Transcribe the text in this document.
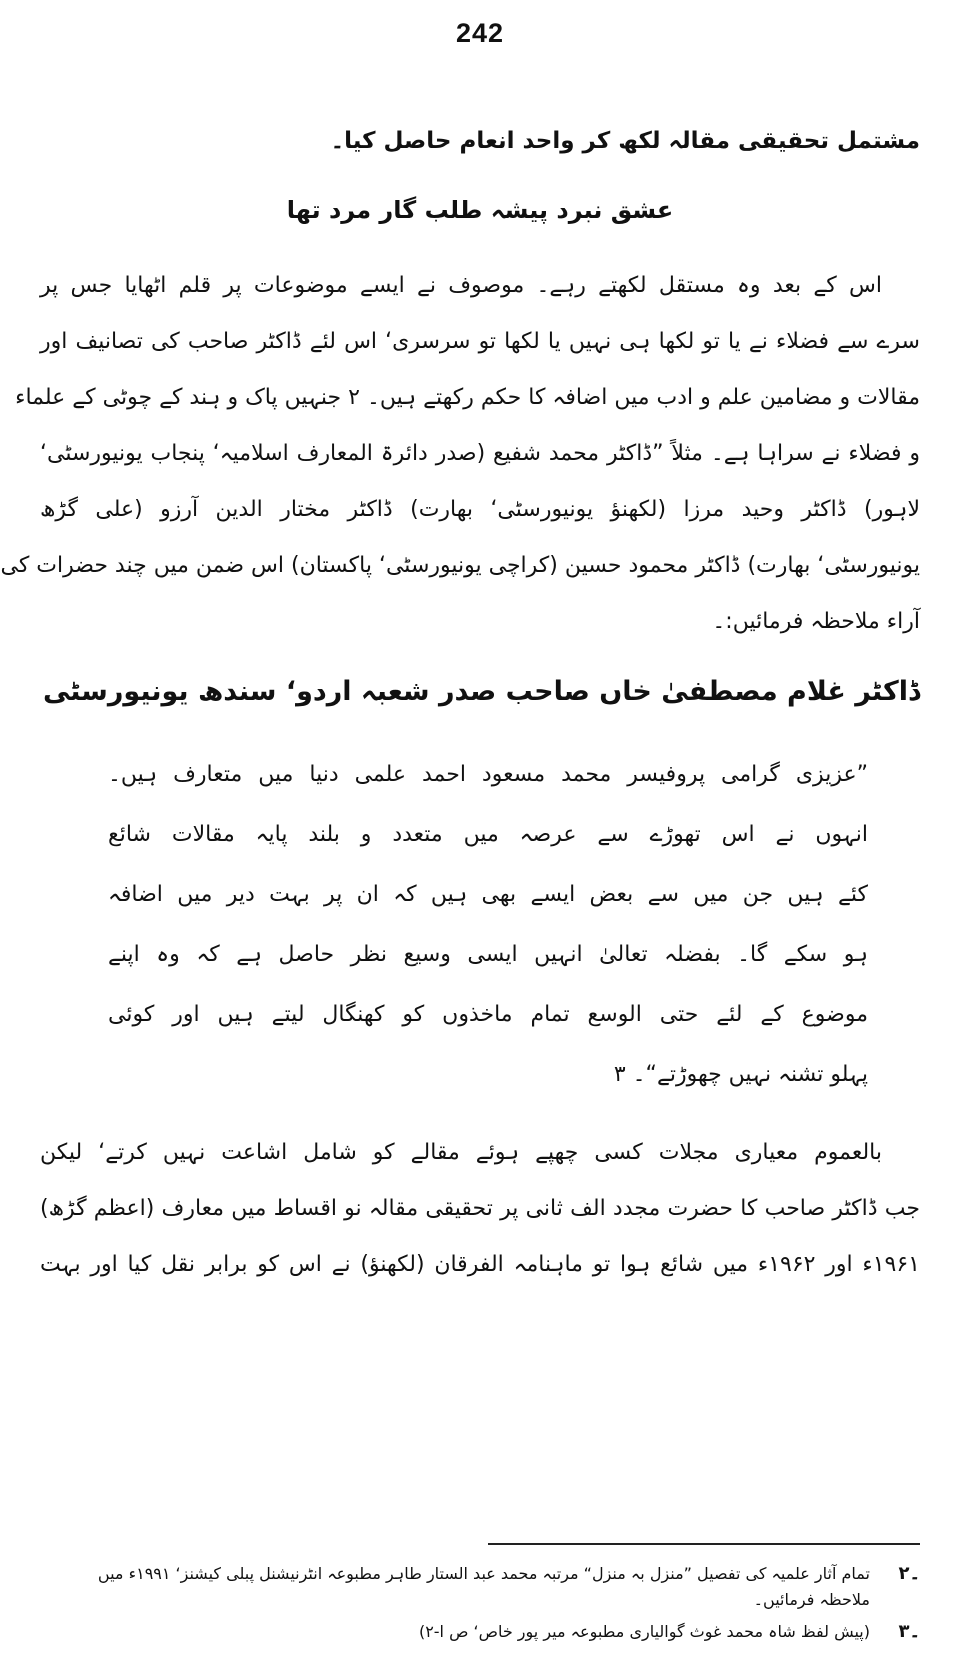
242
مشتمل تحقیقی مقالہ لکھ کر واحد انعام حاصل کیا۔
عشق نبرد پیشہ طلب گار مرد تھا
اس کے بعد وہ مستقل لکھتے رہے۔ موصوف نے ایسے موضوعات پر قلم اٹھایا جس پر
سرے سے فضلاء نے یا تو لکھا ہی نہیں یا لکھا تو سرسری‘ اس لئے ڈاکٹر صاحب کی تصانیف اور
مقالات و مضامین علم و ادب میں اضافہ کا حکم رکھتے ہیں۔ ۲ جنہیں پاک و ہند کے چوٹی کے علماء
و فضلاء نے سراہا ہے۔ مثلاً ”ڈاکٹر محمد شفیع (صدر دائرۃ المعارف اسلامیہ‘ پنجاب یونیورسٹی‘
لاہور) ڈاکٹر وحید مرزا (لکھنؤ یونیورسٹی‘ بھارت) ڈاکٹر مختار الدین آرزو (علی گڑھ
یونیورسٹی‘ بھارت) ڈاکٹر محمود حسین (کراچی یونیورسٹی‘ پاکستان) اس ضمن میں چند حضرات کی
آراء ملاحظہ فرمائیں:۔
ڈاکٹر غلام مصطفیٰ خاں صاحب صدر شعبہ اردو‘ سندھ یونیورسٹی
”عزیزی گرامی پروفیسر محمد مسعود احمد علمی دنیا میں متعارف ہیں۔
انہوں نے اس تھوڑے سے عرصہ میں متعدد و بلند پایہ مقالات شائع
کئے ہیں جن میں سے بعض ایسے بھی ہیں کہ ان پر بہت دیر میں اضافہ
ہو سکے گا۔ بفضلہ تعالیٰ انہیں ایسی وسیع نظر حاصل ہے کہ وہ اپنے
موضوع کے لئے حتی الوسع تمام ماخذوں کو کھنگال لیتے ہیں اور کوئی
پہلو تشنہ نہیں چھوڑتے“۔ ۳
بالعموم معیاری مجلات کسی چھپے ہوئے مقالے کو شامل اشاعت نہیں کرتے‘ لیکن
جب ڈاکٹر صاحب کا حضرت مجدد الف ثانی پر تحقیقی مقالہ نو اقساط میں معارف (اعظم گڑھ)
۱۹۶۱ء اور ۱۹۶۲ء میں شائع ہوا تو ماہنامہ الفرقان (لکھنؤ) نے اس کو برابر نقل کیا اور بہت
۔۲
تمام آثار علمیہ کی تفصیل ”منزل بہ منزل“ مرتبہ محمد عبد الستار طاہر مطبوعہ انٹرنیشنل پبلی کیشنز‘ ۱۹۹۱ء میں
ملاحظہ فرمائیں۔
۔۳
(پیش لفظ شاہ محمد غوث گوالیاری مطبوعہ میر پور خاص‘ ص ا-۲)
